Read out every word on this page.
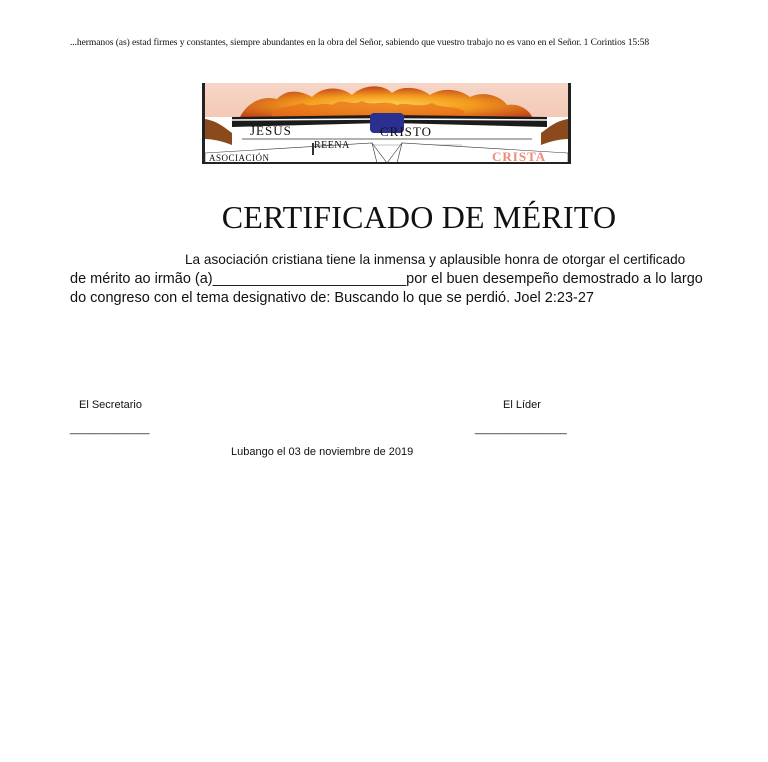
...hermanos (as) estad firmes y constantes, siempre abundantes en la obra del Señor, sabiendo que vuestro trabajo no es vano en el Señor. 1 Corintios 15:58
JESÚS	CRISTO
REENA
ASOCIACIÓN	CRISTA
CERTIFICADO DE MÉRITO
La asociación cristiana tiene la inmensa y aplausible honra de otorgar el certificado
de mérito ao irmão (a)________________________por el buen desempeño demostrado a lo largo
do congreso con el tema designativo de: Buscando lo que se perdió. Joel 2:23-27
El Secretario
_____________
El Líder
_______________
Lubango el 03 de noviembre de 2019
